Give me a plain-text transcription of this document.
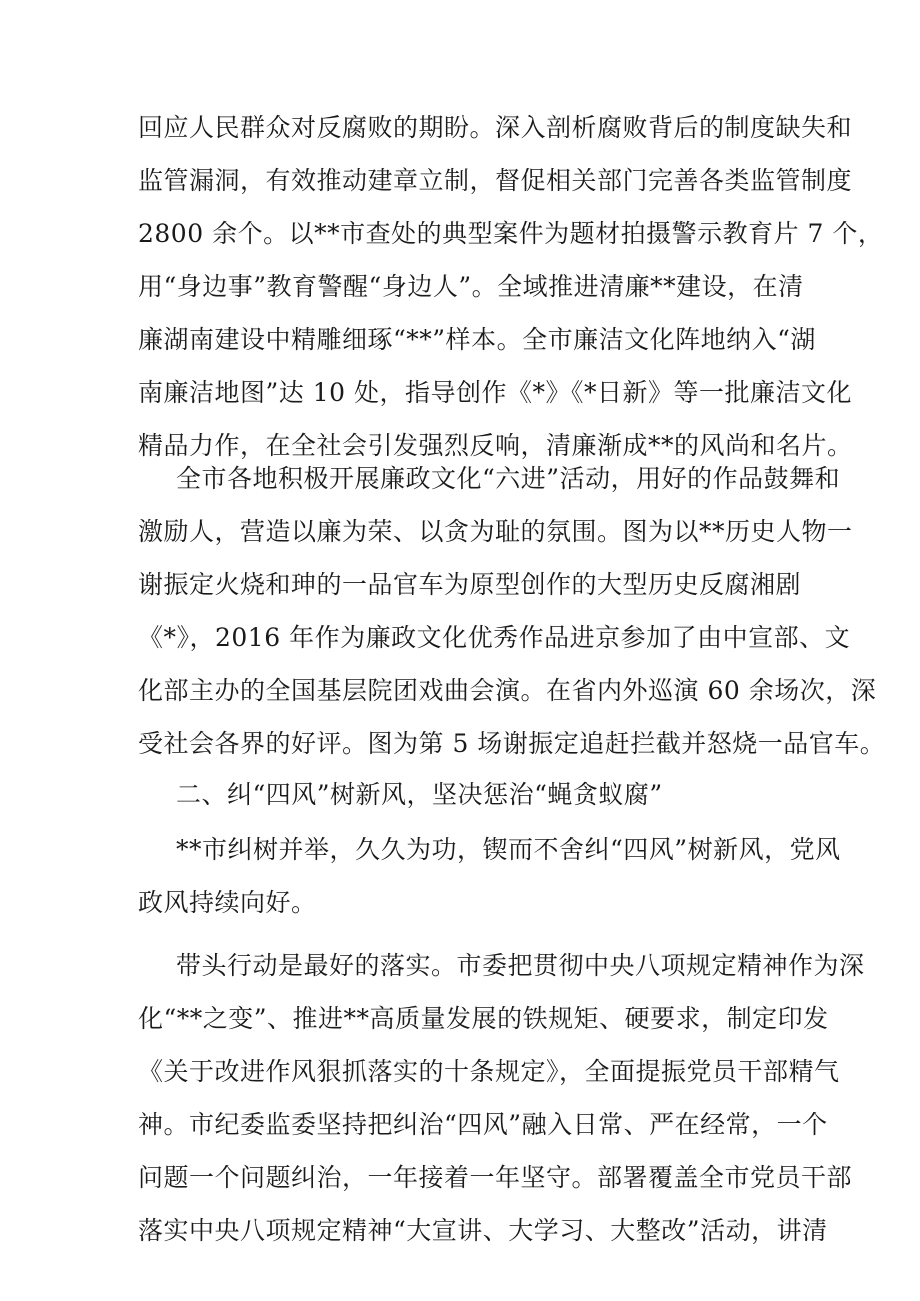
回应人民群众对反腐败的期盼。深入剖析腐败背后的制度缺失和
监管漏洞，有效推动建章立制，督促相关部门完善各类监管制度
2800 余个。以**市查处的典型案件为题材拍摄警示教育片 7 个，
用“身边事”教育警醒“身边人”。全域推进清廉**建设，在清
廉湖南建设中精雕细琢“**”样本。全市廉洁文化阵地纳入“湖
南廉洁地图”达 10 处，指导创作《*》《*日新》等一批廉洁文化
精品力作，在全社会引发强烈反响，清廉渐成**的风尚和名片。
全市各地积极开展廉政文化“六进”活动，用好的作品鼓舞和
激励人，营造以廉为荣、以贪为耻的氛围。图为以**历史人物一
谢振定火烧和珅的一品官车为原型创作的大型历史反腐湘剧
《*》，2016 年作为廉政文化优秀作品进京参加了由中宣部、文
化部主办的全国基层院团戏曲会演。在省内外巡演 60 余场次，深
受社会各界的好评。图为第 5 场谢振定追赶拦截并怒烧一品官车。
二、纠“四风”树新风，坚决惩治“蝇贪蚁腐”
**市纠树并举，久久为功，锲而不舍纠“四风”树新风，党风
政风持续向好。
带头行动是最好的落实。市委把贯彻中央八项规定精神作为深
化“**之变”、推进**高质量发展的铁规矩、硬要求，制定印发
《关于改进作风狠抓落实的十条规定》，全面提振党员干部精气
神。市纪委监委坚持把纠治“四风”融入日常、严在经常，一个
问题一个问题纠治，一年接着一年坚守。部署覆盖全市党员干部
落实中央八项规定精神“大宣讲、大学习、大整改”活动，讲清
